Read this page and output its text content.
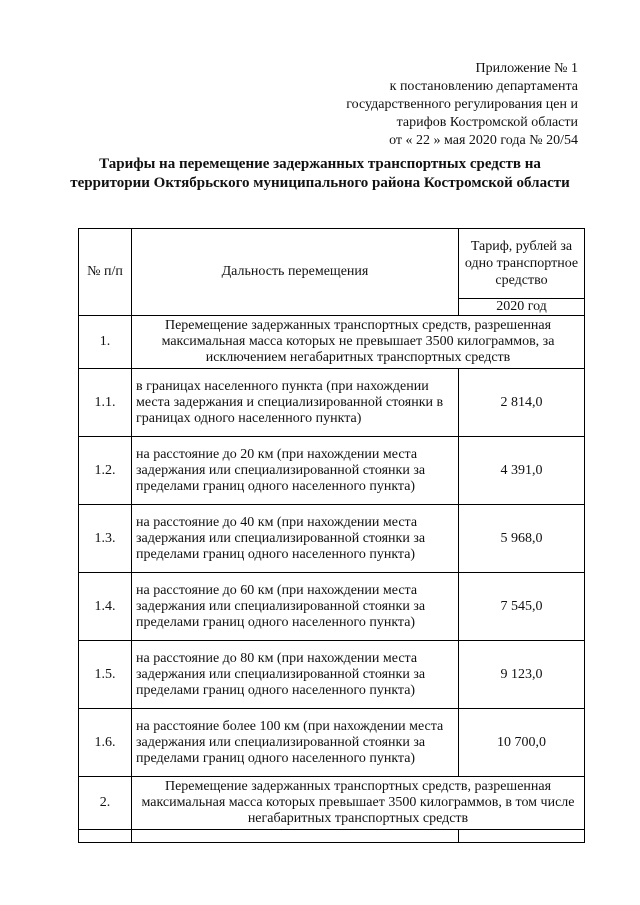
Приложение № 1
к постановлению департамента
государственного регулирования цен и
тарифов Костромской области
от « 22 » мая 2020 года № 20/54
Тарифы на перемещение задержанных транспортных средств на территории Октябрьского муниципального района Костромской области
№ п/п	Дальность перемещения	Тариф, рублей за одно транспортное средство
		2020 год
1.	Перемещение задержанных транспортных средств, разрешенная максимальная масса которых не превышает 3500 килограммов, за исключением негабаритных транспортных средств	
1.1.	в границах населенного пункта (при нахождении места задержания и специализированной стоянки в границах одного населенного пункта)	2 814,0
1.2.	на расстояние до 20 км (при нахождении места задержания или специализированной стоянки за пределами границ одного населенного пункта)	4 391,0
1.3.	на расстояние до 40 км (при нахождении места задержания или специализированной стоянки за пределами границ одного населенного пункта)	5 968,0
1.4.	на расстояние до 60 км (при нахождении места задержания или специализированной стоянки за пределами границ одного населенного пункта)	7 545,0
1.5.	на расстояние до 80 км (при нахождении места задержания или специализированной стоянки за пределами границ одного населенного пункта)	9 123,0
1.6.	на расстояние более 100 км (при нахождении места задержания или специализированной стоянки за пределами границ одного населенного пункта)	10 700,0
2.	Перемещение задержанных транспортных средств, разрешенная максимальная масса которых превышает 3500 килограммов, в том числе негабаритных транспортных средств	
